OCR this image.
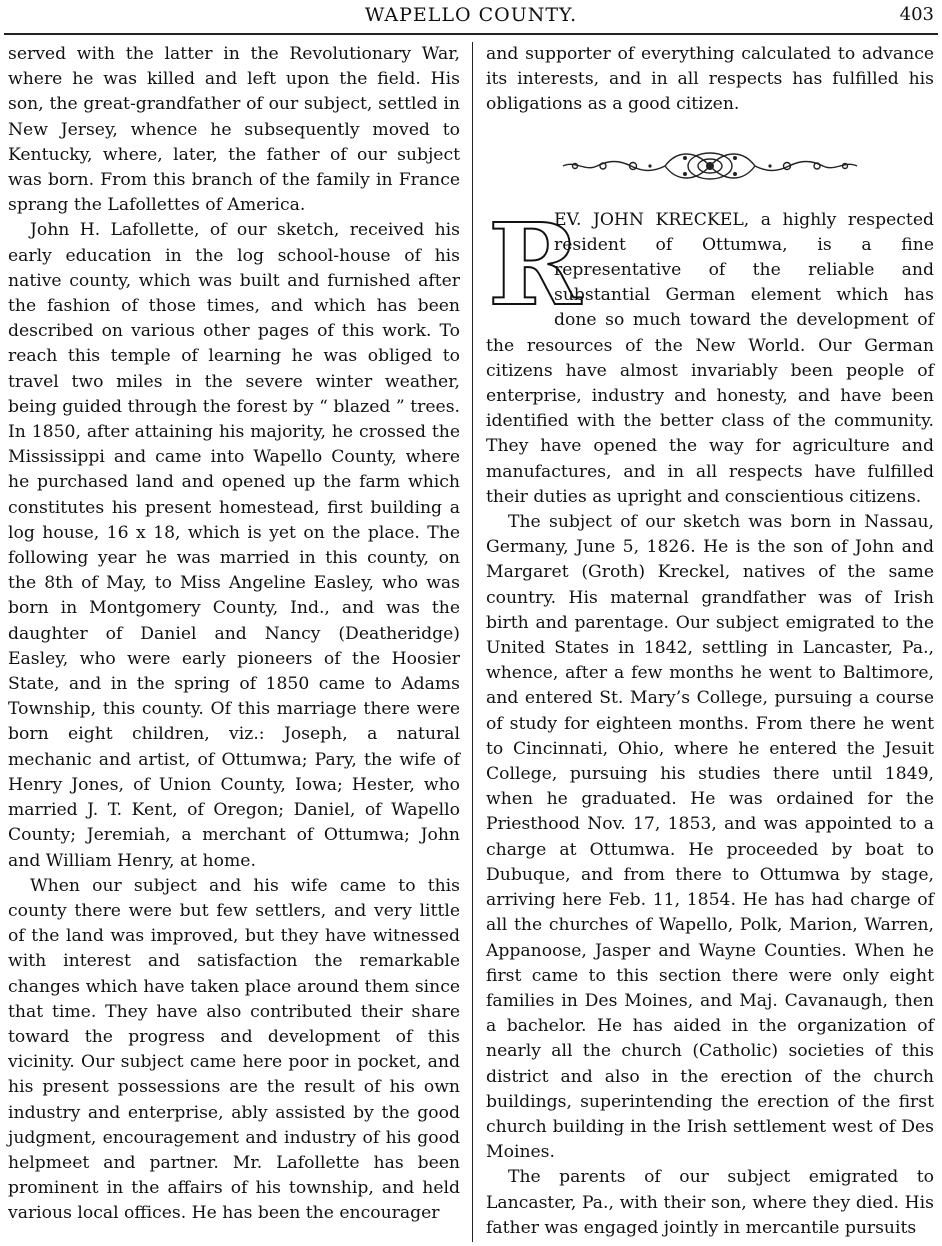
WAPELLO COUNTY.	403

served with the latter in the Revolutionary War, where he was killed and left upon the field. His son, the great-grandfather of our subject, settled in New Jersey, whence he subsequently moved to Kentucky, where, later, the father of our subject was born. From this branch of the family in France sprang the Lafollettes of America.

John H. Lafollette, of our sketch, received his early education in the log school-house of his native county, which was built and furnished after the fashion of those times, and which has been described on various other pages of this work. To reach this temple of learning he was obliged to travel two miles in the severe winter weather, being guided through the forest by “ blazed ” trees. In 1850, after attaining his majority, he crossed the Mississippi and came into Wapello County, where he purchased land and opened up the farm which constitutes his present homestead, first building a log house, 16 x 18, which is yet on the place. The following year he was married in this county, on the 8th of May, to Miss Angeline Easley, who was born in Montgomery County, Ind., and was the daughter of Daniel and Nancy (Deatheridge) Easley, who were early pioneers of the Hoosier State, and in the spring of 1850 came to Adams Township, this county. Of this marriage there were born eight children, viz.: Joseph, a natural mechanic and artist, of Ottumwa; Pary, the wife of Henry Jones, of Union County, Iowa; Hester, who married J. T. Kent, of Oregon; Daniel, of Wapello County; Jeremiah, a merchant of Ottumwa; John and William Henry, at home.

When our subject and his wife came to this county there were but few settlers, and very little of the land was improved, but they have witnessed with interest and satisfaction the remarkable changes which have taken place around them since that time. They have also contributed their share toward the progress and development of this vicinity. Our subject came here poor in pocket, and his present possessions are the result of his own industry and enterprise, ably assisted by the good judgment, encouragement and industry of his good helpmeet and partner. Mr. Lafollette has been prominent in the affairs of his township, and held various local offices. He has been the encourager

and supporter of everything calculated to advance its interests, and in all respects has fulfilled his obligations as a good citizen.

R

EV. JOHN KRECKEL, a highly respected resident of Ottumwa, is a fine representative of the reliable and substantial German element which has done so much toward the development of the resources of the New World. Our German citizens have almost invariably been people of enterprise, industry and honesty, and have been identified with the better class of the community. They have opened the way for agriculture and manufactures, and in all respects have fulfilled their duties as upright and conscientious citizens.

The subject of our sketch was born in Nassau, Germany, June 5, 1826. He is the son of John and Margaret (Groth) Kreckel, natives of the same country. His maternal grandfather was of Irish birth and parentage. Our subject emigrated to the United States in 1842, settling in Lancaster, Pa., whence, after a few months he went to Baltimore, and entered St. Mary’s College, pursuing a course of study for eighteen months. From there he went to Cincinnati, Ohio, where he entered the Jesuit College, pursuing his studies there until 1849, when he graduated. He was ordained for the Priesthood Nov. 17, 1853, and was appointed to a charge at Ottumwa. He proceeded by boat to Dubuque, and from there to Ottumwa by stage, arriving here Feb. 11, 1854. He has had charge of all the churches of Wapello, Polk, Marion, Warren, Appanoose, Jasper and Wayne Counties. When he first came to this section there were only eight families in Des Moines, and Maj. Cavanaugh, then a bachelor. He has aided in the organization of nearly all the church (Catholic) societies of this district and also in the erection of the church buildings, superintending the erection of the first church building in the Irish settlement west of Des Moines.

The parents of our subject emigrated to Lancaster, Pa., with their son, where they died. His father was engaged jointly in mercantile pursuits
